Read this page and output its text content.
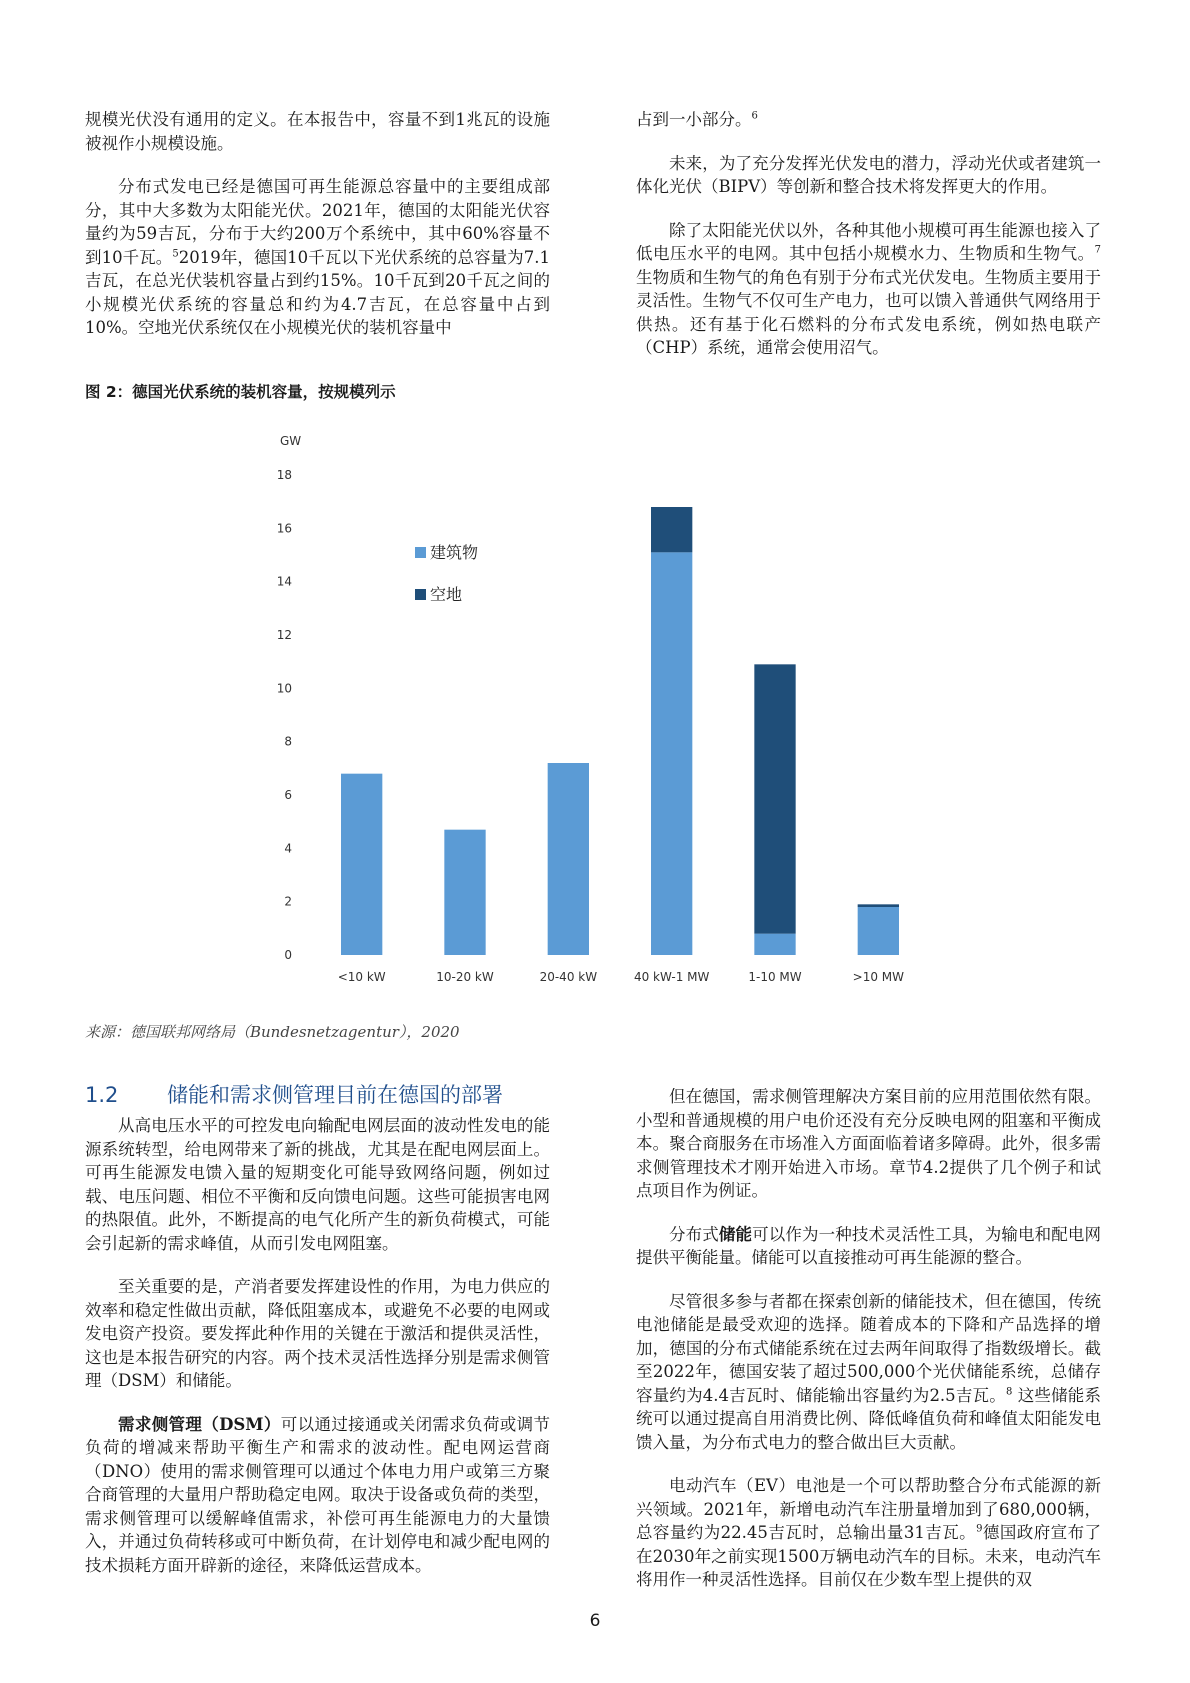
规模光伏没有通用的定义。在本报告中，容量不到1兆瓦的设施被视作小规模设施。

分布式发电已经是德国可再生能源总容量中的主要组成部分，其中大多数为太阳能光伏。2021年，德国的太阳能光伏容量约为59吉瓦，分布于大约200万个系统中，其中60%容量不到10千瓦。$^5$2019年，德国10千瓦以下光伏系统的总容量为7.1吉瓦，在总光伏装机容量占到约15%。10千瓦到20千瓦之间的小规模光伏系统的容量总和约为4.7吉瓦，在总容量中占到10%。空地光伏系统仅在小规模光伏的装机容量中

占到一小部分。$^6$

未来，为了充分发挥光伏发电的潜力，浮动光伏或者建筑一体化光伏（BIPV）等创新和整合技术将发挥更大的作用。

除了太阳能光伏以外，各种其他小规模可再生能源也接入了低电压水平的电网。其中包括小规模水力、生物质和生物气。$^7$ 生物质和生物气的角色有别于分布式光伏发电。生物质主要用于灵活性。生物气不仅可生产电力，也可以馈入普通供气网络用于供热。还有基于化石燃料的分布式发电系统，例如热电联产（CHP）系统，通常会使用沼气。

图 2：德国光伏系统的装机容量，按规模列示
GW
0
2
4
6
8
10
12
14
16
18
<10 kW	10-20 kW	20-40 kW	40 kW-1 MW	1-10 MW	>10 MW
建筑物
空地
来源：德国联邦网络局（Bundesnetzagentur），2020
1.2 储能和需求侧管理目前在德国的部署

从高电压水平的可控发电向输配电网层面的波动性发电的能源系统转型，给电网带来了新的挑战，尤其是在配电网层面上。可再生能源发电馈入量的短期变化可能导致网络问题，例如过载、电压问题、相位不平衡和反向馈电问题。这些可能损害电网的热限值。此外，不断提高的电气化所产生的新负荷模式，可能会引起新的需求峰值，从而引发电网阻塞。

至关重要的是，产消者要发挥建设性的作用，为电力供应的效率和稳定性做出贡献，降低阻塞成本，或避免不必要的电网或发电资产投资。要发挥此种作用的关键在于激活和提供灵活性，这也是本报告研究的内容。两个技术灵活性选择分别是需求侧管理（DSM）和储能。

需求侧管理（DSM）可以通过接通或关闭需求负荷或调节负荷的增减来帮助平衡生产和需求的波动性。配电网运营商（DNO）使用的需求侧管理可以通过个体电力用户或第三方聚合商管理的大量用户帮助稳定电网。取决于设备或负荷的类型，需求侧管理可以缓解峰值需求，补偿可再生能源电力的大量馈入，并通过负荷转移或可中断负荷，在计划停电和减少配电网的技术损耗方面开辟新的途径，来降低运营成本。

但在德国，需求侧管理解决方案目前的应用范围依然有限。小型和普通规模的用户电价还没有充分反映电网的阻塞和平衡成本。聚合商服务在市场准入方面面临着诸多障碍。此外，很多需求侧管理技术才刚开始进入市场。章节4.2提供了几个例子和试点项目作为例证。

分布式储能可以作为一种技术灵活性工具，为输电和配电网提供平衡能量。储能可以直接推动可再生能源的整合。

尽管很多参与者都在探索创新的储能技术，但在德国，传统电池储能是最受欢迎的选择。随着成本的下降和产品选择的增加，德国的分布式储能系统在过去两年间取得了指数级增长。截至2022年，德国安装了超过500,000个光伏储能系统，总储存容量约为4.4吉瓦时、储能输出容量约为2.5吉瓦。$^8$ 这些储能系统可以通过提高自用消费比例、降低峰值负荷和峰值太阳能发电馈入量，为分布式电力的整合做出巨大贡献。

电动汽车（EV）电池是一个可以帮助整合分布式能源的新兴领域。2021年，新增电动汽车注册量增加到了680,000辆，总容量约为22.45吉瓦时，总输出量31吉瓦。$^9$德国政府宣布了在2030年之前实现1500万辆电动汽车的目标。未来，电动汽车将用作一种灵活性选择。目前仅在少数车型上提供的双

6
